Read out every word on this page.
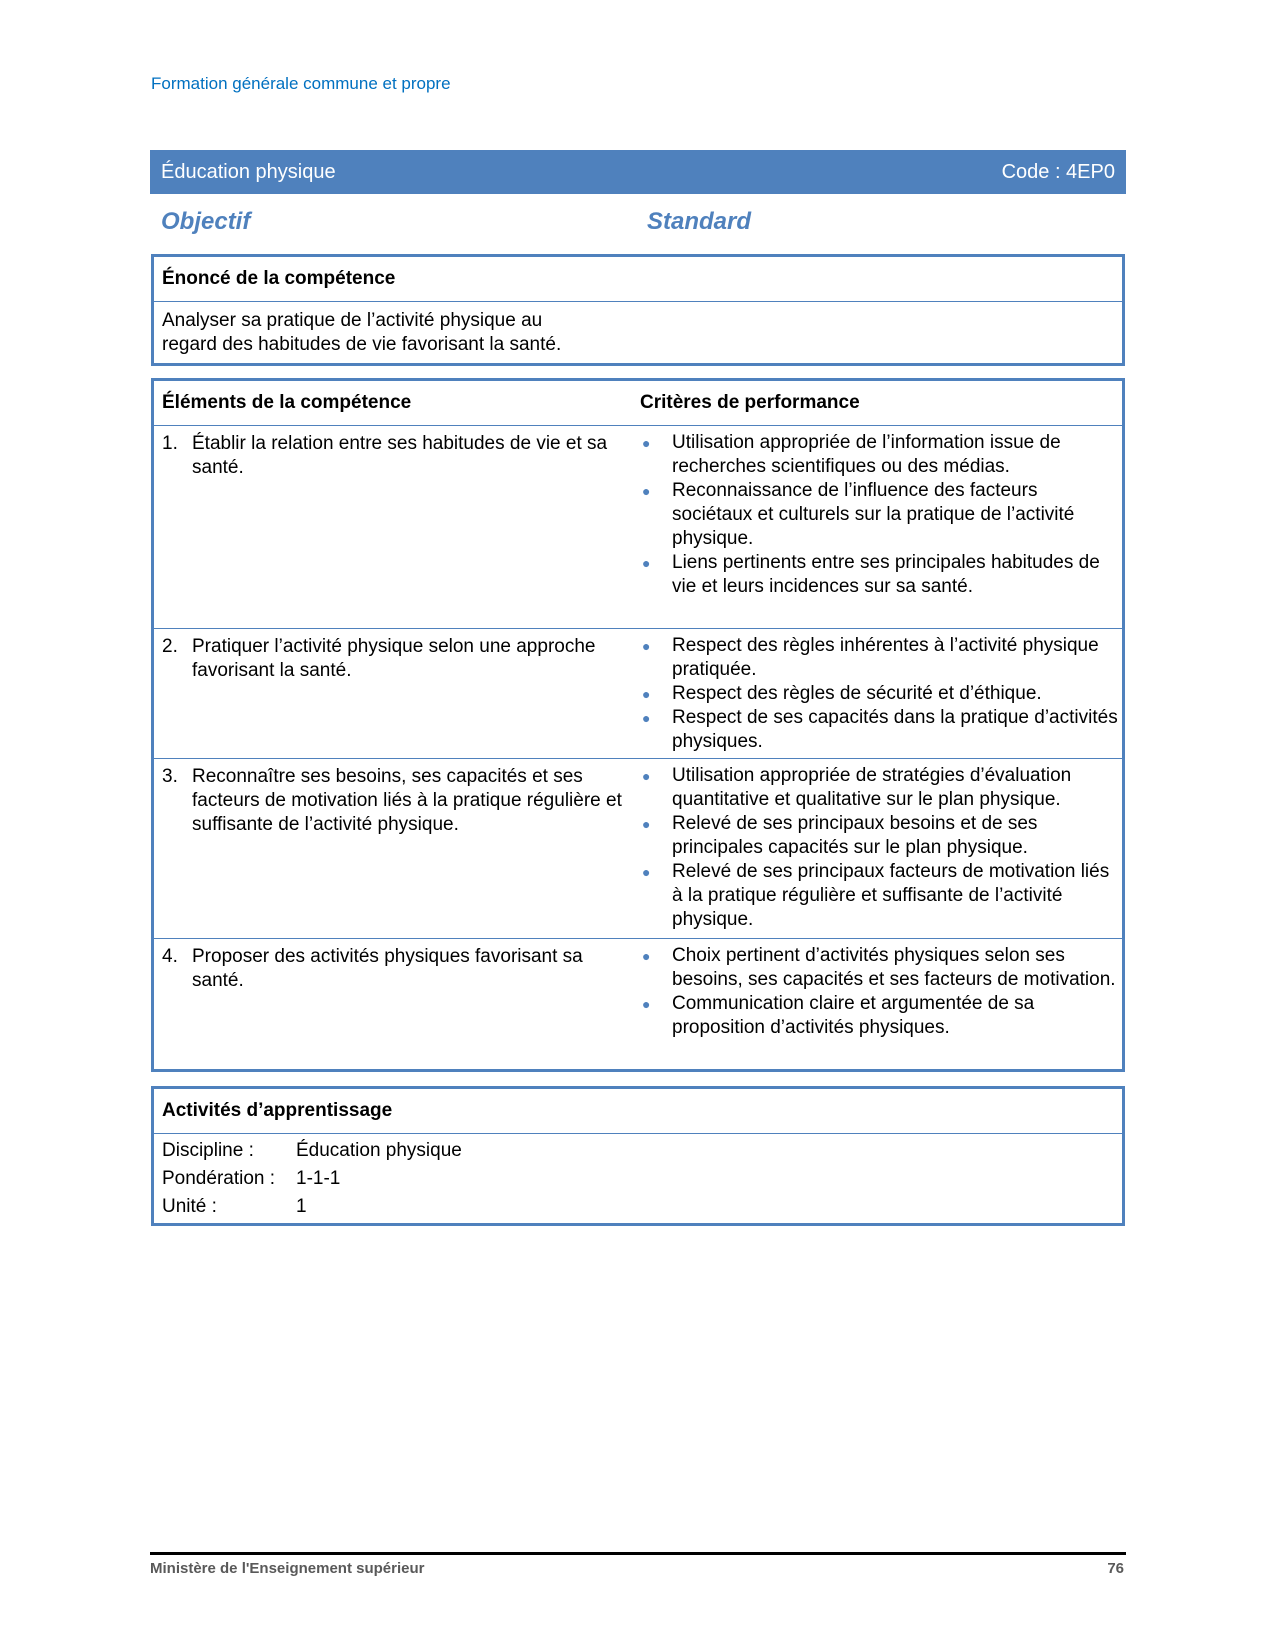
Formation générale commune et propre
Éducation physique	Code : 4EP0
Objectif	Standard
Énoncé de la compétence
Analyser sa pratique de l’activité physique au regard des habitudes de vie favorisant la santé.
Éléments de la compétence	Critères de performance
1. Établir la relation entre ses habitudes de vie et sa santé.
●	Utilisation appropriée de l’information issue de recherches scientifiques ou des médias.
●	Reconnaissance de l’influence des facteurs sociétaux et culturels sur la pratique de l’activité physique.
●	Liens pertinents entre ses principales habitudes de vie et leurs incidences sur sa santé.
2. Pratiquer l’activité physique selon une approche favorisant la santé.
●	Respect des règles inhérentes à l’activité physique pratiquée.
●	Respect des règles de sécurité et d’éthique.
●	Respect de ses capacités dans la pratique d’activités physiques.
3. Reconnaître ses besoins, ses capacités et ses facteurs de motivation liés à la pratique régulière et suffisante de l’activité physique.
●	Utilisation appropriée de stratégies d’évaluation quantitative et qualitative sur le plan physique.
●	Relevé de ses principaux besoins et de ses principales capacités sur le plan physique.
●	Relevé de ses principaux facteurs de motivation liés à la pratique régulière et suffisante de l’activité physique.
4. Proposer des activités physiques favorisant sa santé.
●	Choix pertinent d’activités physiques selon ses besoins, ses capacités et ses facteurs de motivation.
●	Communication claire et argumentée de sa proposition d’activités physiques.
Activités d’apprentissage
Discipline :	Éducation physique
Pondération :	1-1-1
Unité :	1
Ministère de l'Enseignement supérieur	76
